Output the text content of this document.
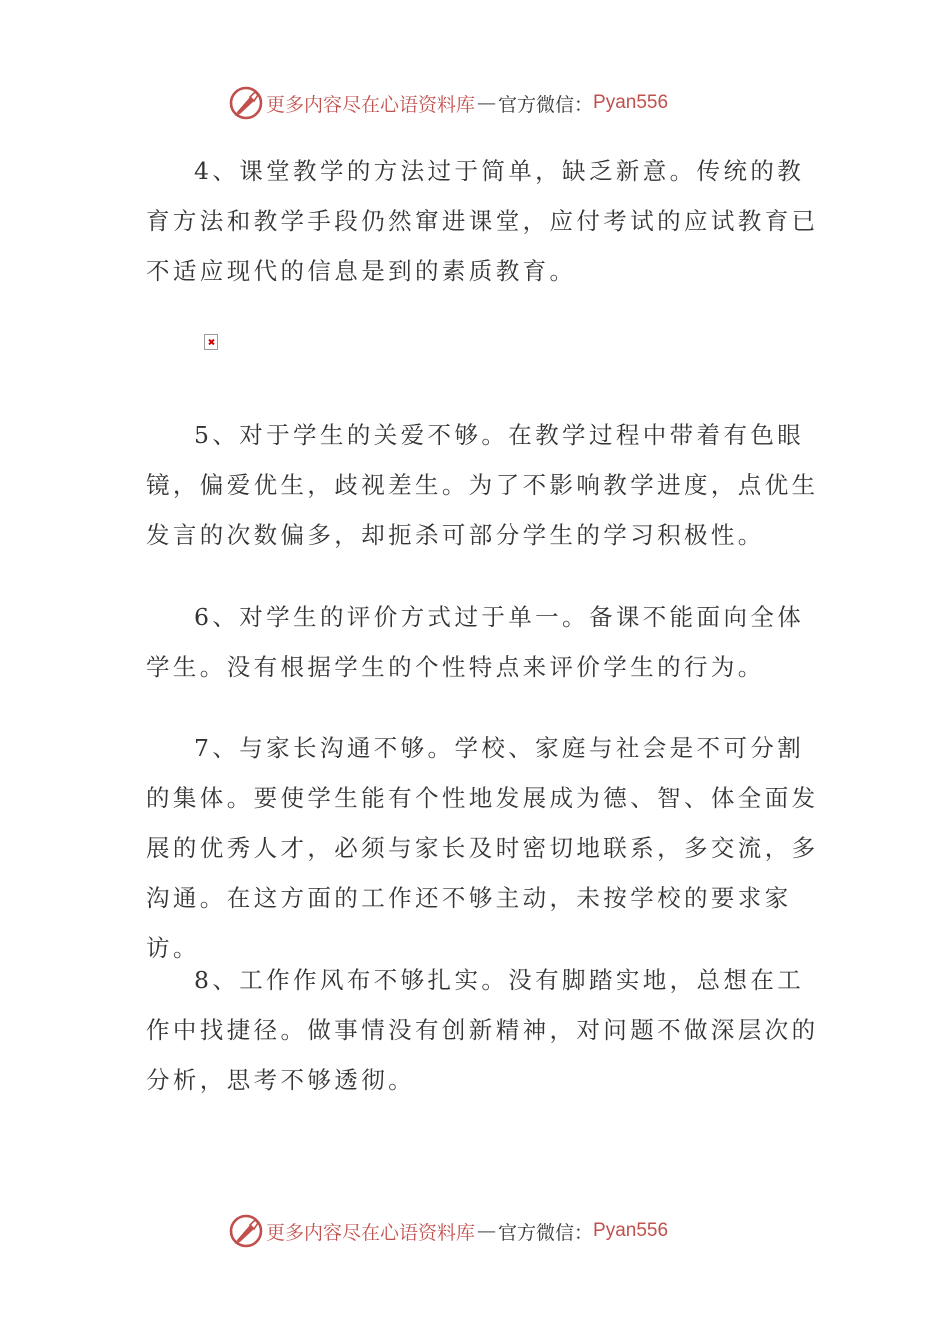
更多内容尽在心语资料库 — 官方微信： Pyan556

4、课堂教学的方法过于简单，缺乏新意。传统的教育方法和教学手段仍然窜进课堂，应付考试的应试教育已不适应现代的信息是到的素质教育。

5、对于学生的关爱不够。在教学过程中带着有色眼镜，偏爱优生，歧视差生。为了不影响教学进度，点优生发言的次数偏多，却扼杀可部分学生的学习积极性。

6、对学生的评价方式过于单一。备课不能面向全体学生。没有根据学生的个性特点来评价学生的行为。

7、与家长沟通不够。学校、家庭与社会是不可分割的集体。要使学生能有个性地发展成为德、智、体全面发展的优秀人才，必须与家长及时密切地联系，多交流，多沟通。在这方面的工作还不够主动，未按学校的要求家访。

8、工作作风布不够扎实。没有脚踏实地，总想在工作中找捷径。做事情没有创新精神，对问题不做深层次的分析，思考不够透彻。

更多内容尽在心语资料库 — 官方微信： Pyan556
